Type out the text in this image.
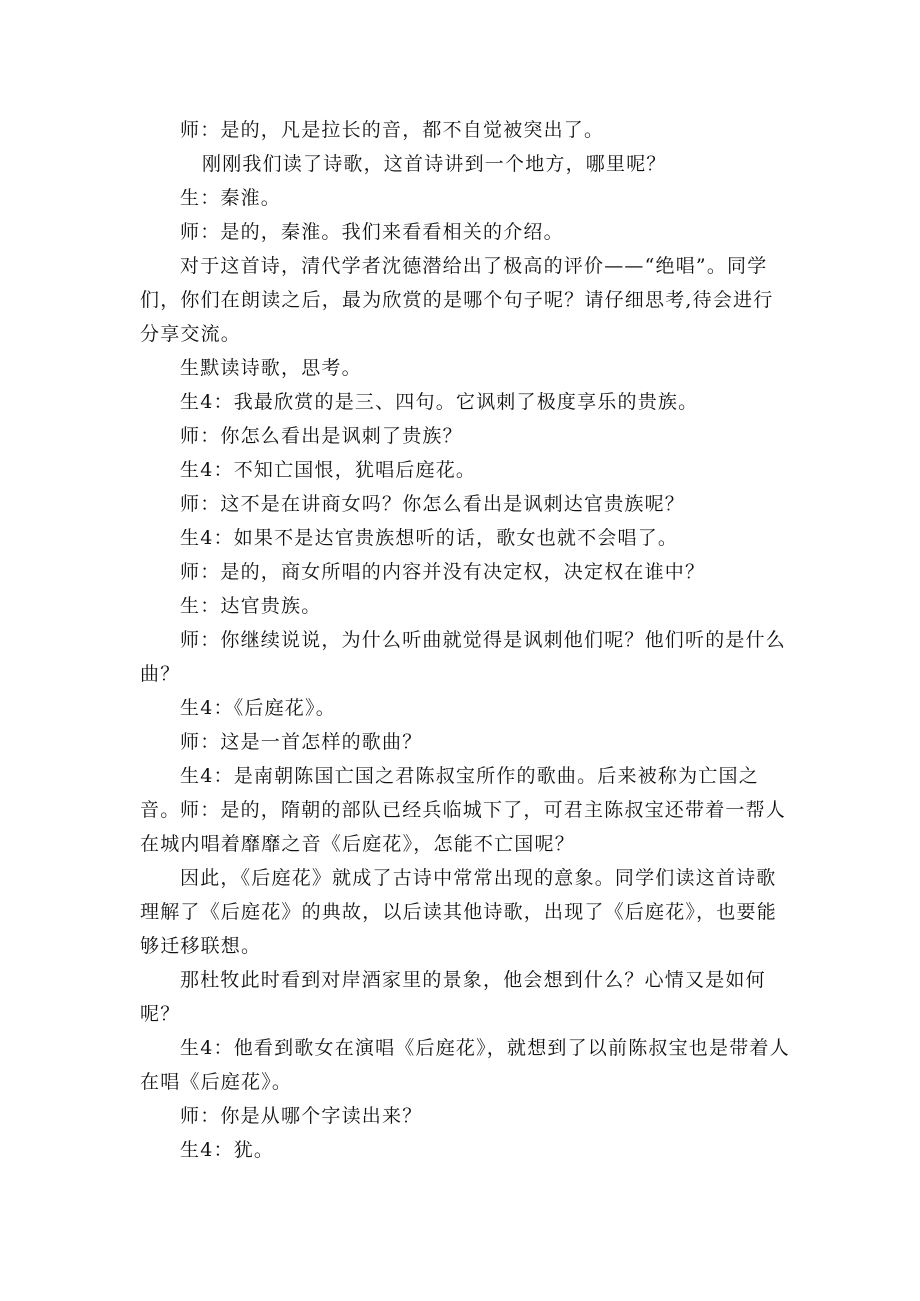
师：是的，凡是拉长的音，都不自觉被突出了。

刚刚我们读了诗歌，这首诗讲到一个地方，哪里呢？

生：秦淮。

师：是的，秦淮。我们来看看相关的介绍。

对于这首诗，清代学者沈德潜给出了极高的评价——“绝唱”。同学们，你们在朗读之后，最为欣赏的是哪个句子呢？请仔细思考,待会进行分享交流。

生默读诗歌，思考。

生4：我最欣赏的是三、四句。它讽刺了极度享乐的贵族。

师：你怎么看出是讽刺了贵族？

生4：不知亡国恨，犹唱后庭花。

师：这不是在讲商女吗？你怎么看出是讽刺达官贵族呢？

生4：如果不是达官贵族想听的话，歌女也就不会唱了。

师：是的，商女所唱的内容并没有决定权，决定权在谁中？

生：达官贵族。

师：你继续说说，为什么听曲就觉得是讽刺他们呢？他们听的是什么曲？

生4：《后庭花》。

师：这是一首怎样的歌曲？

生4：是南朝陈国亡国之君陈叔宝所作的歌曲。后来被称为亡国之音。 师：是的，隋朝的部队已经兵临城下了，可君主陈叔宝还带着一帮人在城内唱着靡靡之音《后庭花》，怎能不亡国呢？

因此，《后庭花》就成了古诗中常常出现的意象。同学们读这首诗歌理解了《后庭花》的典故，以后读其他诗歌，出现了《后庭花》，也要能够迁移联想。

那杜牧此时看到对岸酒家里的景象，他会想到什么？心情又是如何呢？

生4：他看到歌女在演唱《后庭花》，就想到了以前陈叔宝也是带着人在唱《后庭花》。

师：你是从哪个字读出来？

生4：犹。
